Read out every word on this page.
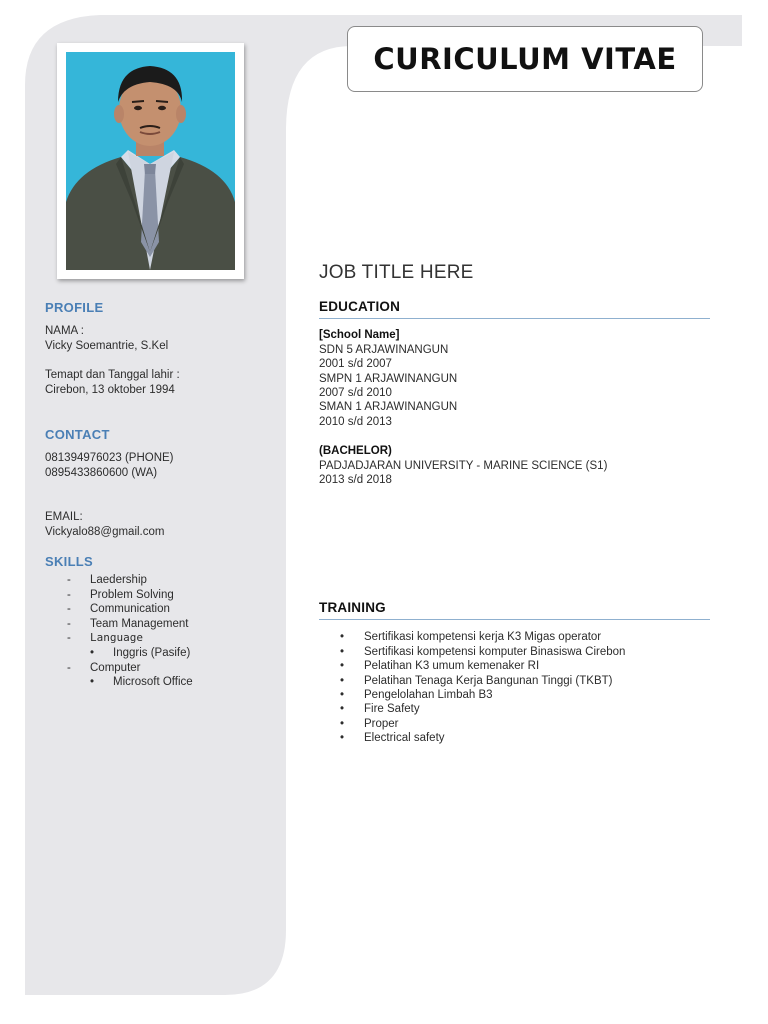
CURICULUM VITAE
PROFILE

NAMA :

Vicky Soemantrie, S.Kel

Temapt dan Tanggal lahir :

Cirebon, 13 oktober 1994

CONTACT

081394976023 (PHONE)

0895433860600 (WA)

EMAIL:

Vickyalo88@gmail.com

SKILLS
- Laedership
- Problem Solving
- Communication
- Team Management
- Language
• Inggris (Pasife)
- Computer
• Microsoft Office
JOB TITLE HERE
EDUCATION

[School Name]

SDN 5 ARJAWINANGUN

2001 s/d 2007

SMPN 1 ARJAWINANGUN

2007 s/d 2010

SMAN 1 ARJAWINANGUN

2010 s/d 2013

(BACHELOR)

PADJADJARAN UNIVERSITY - MARINE SCIENCE (S1)

2013 s/d 2018

TRAINING
• Sertifikasi kompetensi kerja K3 Migas operator
• Sertifikasi kompetensi komputer Binasiswa Cirebon
• Pelatihan K3 umum kemenaker RI
• Pelatihan Tenaga Kerja Bangunan Tinggi (TKBT)
• Pengelolahan Limbah B3
• Fire Safety
• Proper
• Electrical safety
